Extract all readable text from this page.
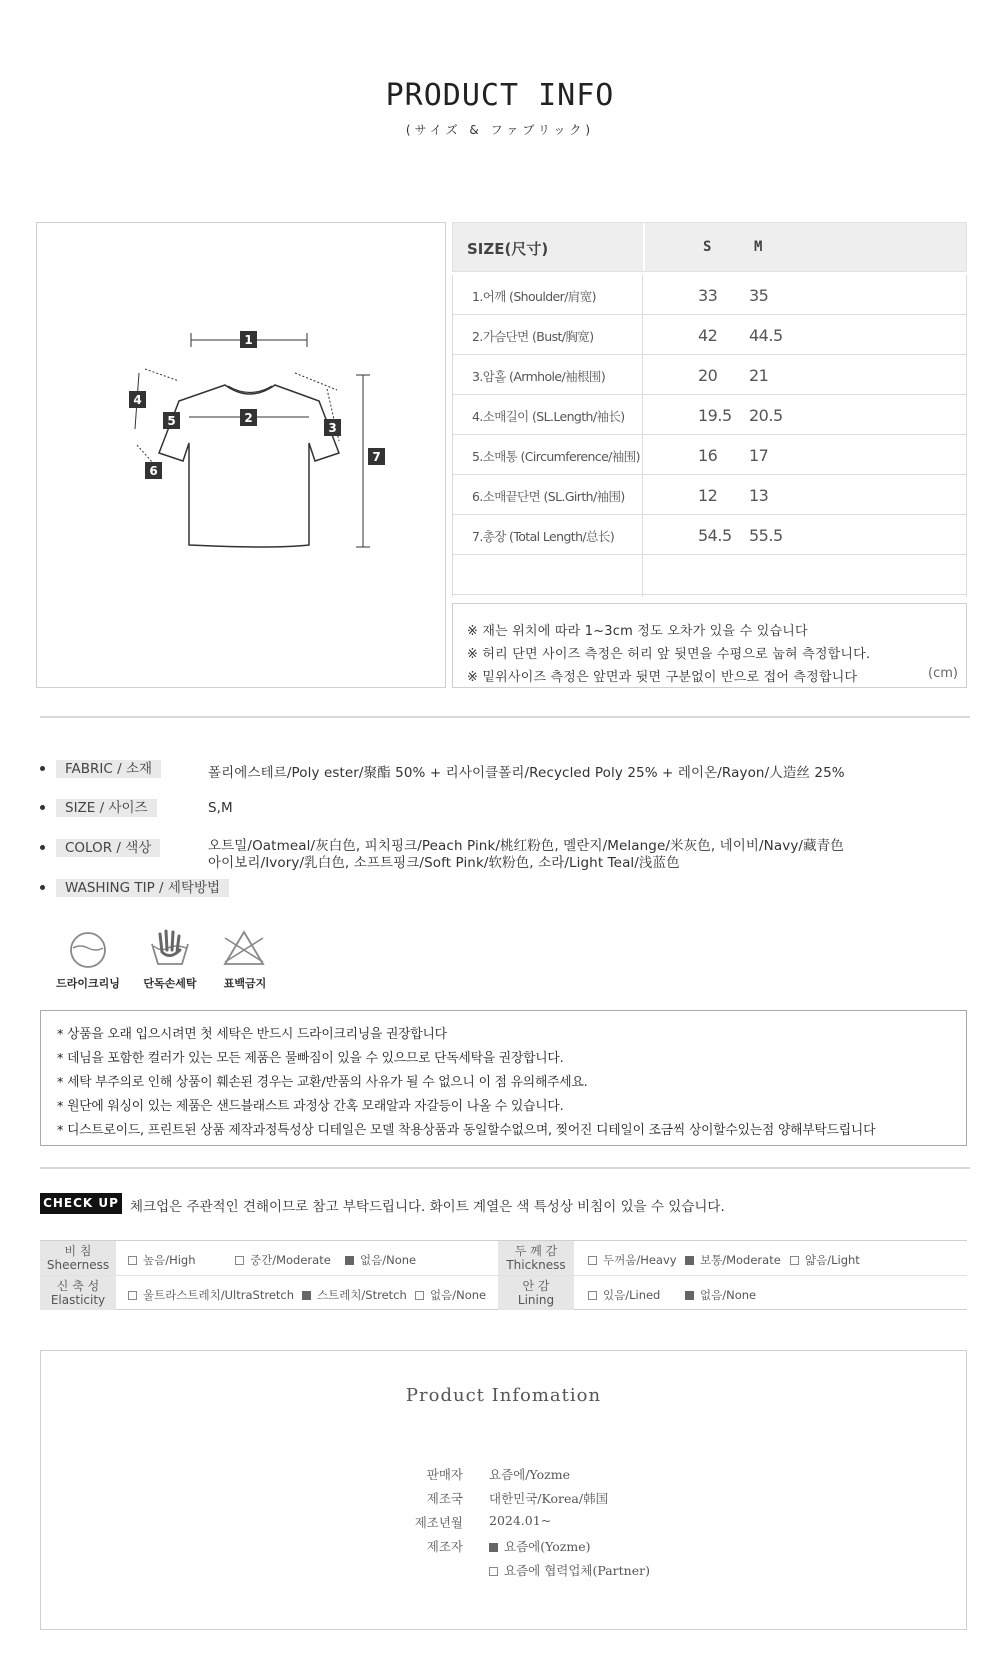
PRODUCT INFO
(サイズ & ファブリック)
1
2
3
4
5
6
7
SIZE(尺寸)	S	M
1.어깨 (Shoulder/肩宽)	33 35
2.가슴단면 (Bust/胸宽)	42 44.5
3.암홀 (Armhole/袖根围)	20 21
4.소매길이 (SL.Length/袖长)	19.5 20.5
5.소매통 (Circumference/袖围)	16 17
6.소매끝단면 (SL.Girth/袖围)	12 13
7.총장 (Total Length/总长)	54.5 55.5
※ 재는 위치에 따라 1~3cm 정도 오차가 있을 수 있습니다
※ 허리 단면 사이즈 측정은 허리 앞 뒷면을 수평으로 눕혀 측정합니다.
※ 밑위사이즈 측정은 앞면과 뒷면 구분없이 반으로 접어 측정합니다	(cm)
FABRIC / 소재	폴리에스테르/Poly ester/聚酯 50% + 리사이클폴리/Recycled Poly 25% + 레이온/Rayon/人造丝 25%
SIZE / 사이즈	S,M
COLOR / 색상	오트밀/Oatmeal/灰白色, 피치핑크/Peach Pink/桃红粉色, 멜란지/Melange/米灰色, 네이비/Navy/藏青色
아이보리/Ivory/乳白色, 소프트핑크/Soft Pink/软粉色, 소라/Light Teal/浅蓝色
WASHING TIP / 세탁방법
드라이크리닝	단독손세탁	표백금지
* 상품을 오래 입으시려면 첫 세탁은 반드시 드라이크리닝을 권장합니다
* 데님을 포함한 컬러가 있는 모든 제품은 물빠짐이 있을 수 있으므로 단독세탁을 권장합니다.
* 세탁 부주의로 인해 상품이 훼손된 경우는 교환/반품의 사유가 될 수 없으니 이 점 유의해주세요.
* 원단에 워싱이 있는 제품은 샌드블래스트 과정상 간혹 모래알과 자갈등이 나올 수 있습니다.
* 디스트로이드, 프린트된 상품 제작과정특성상 디테일은 모델 착용상품과 동일할수없으며, 찢어진 디테일이 조금씩 상이할수있는점 양해부탁드립니다
CHECK UP 체크업은 주관적인 견해이므로 참고 부탁드립니다. 화이트 계열은 색 특성상 비침이 있을 수 있습니다.
비 침
Sheerness	높음/High	중간/Moderate	없음/None
두 께 감
Thickness	두꺼움/Heavy	보통/Moderate	얇음/Light
신 축 성
Elasticity	울트라스트레치/UltraStretch	스트레치/Stretch	없음/None
안 감
Lining	있음/Lined	없음/None
Product Infomation
판매자 요즘에/Yozme
제조국 대한민국/Korea/韩国
제조년월 2024.01~
제조자	요즘에(Yozme)
요즘에 협력업체(Partner)
